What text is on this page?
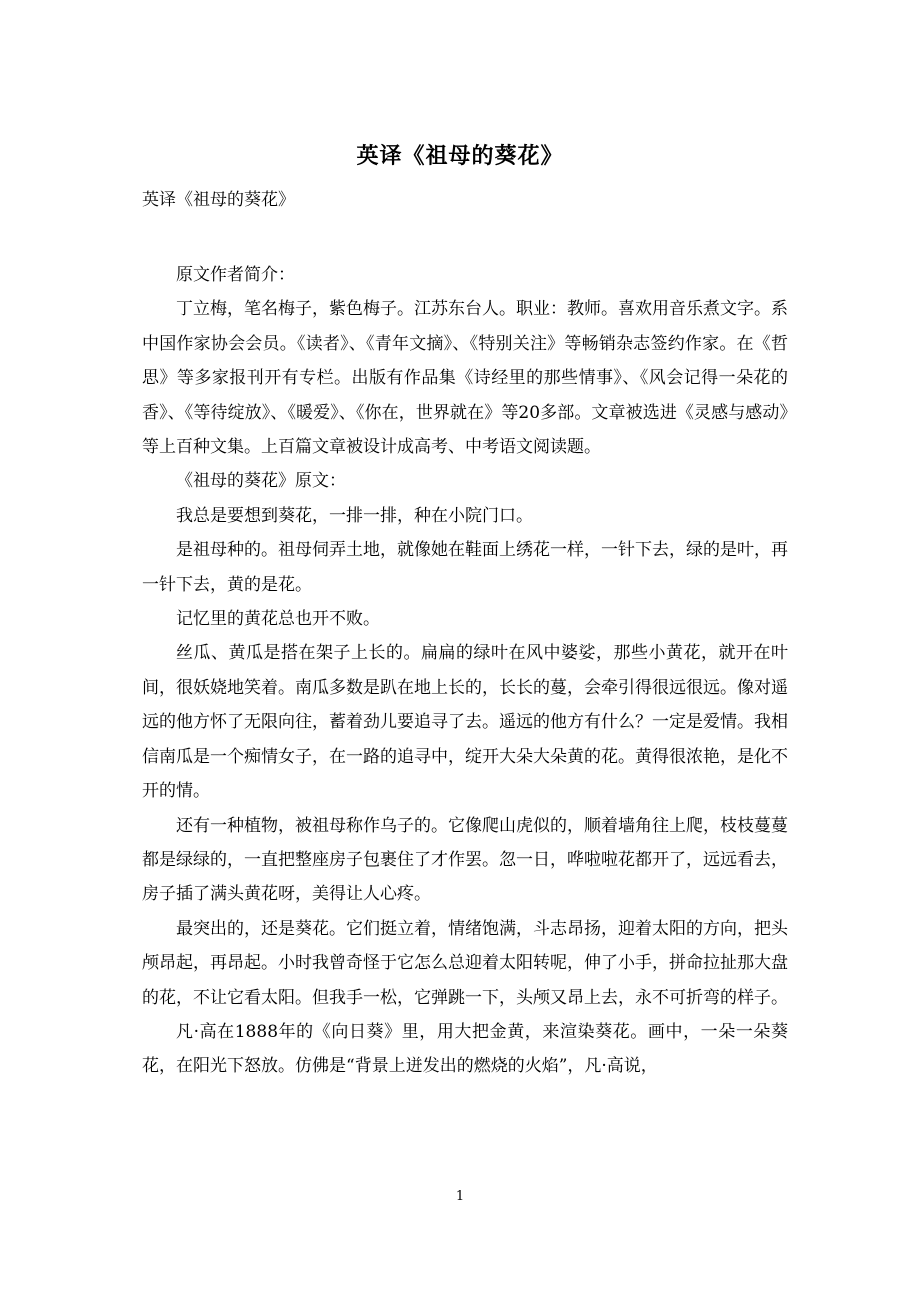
英译《祖母的葵花》
英译《祖母的葵花》

原文作者简介：

丁立梅，笔名梅子，紫色梅子。江苏东台人。职业：教师。喜欢用音乐煮文字。系中国作家协会会员。《读者》、《青年文摘》、《特别关注》等畅销杂志签约作家。在《哲思》等多家报刊开有专栏。出版有作品集《诗经里的那些情事》、《风会记得一朵花的香》、《等待绽放》、《暖爱》、《你在，世界就在》等20多部。文章被选进《灵感与感动》等上百种文集。上百篇文章被设计成高考、中考语文阅读题。

《祖母的葵花》原文：

我总是要想到葵花，一排一排，种在小院门口。

是祖母种的。祖母伺弄土地，就像她在鞋面上绣花一样，一针下去，绿的是叶，再一针下去，黄的是花。

记忆里的黄花总也开不败。

丝瓜、黄瓜是搭在架子上长的。扁扁的绿叶在风中婆娑，那些小黄花，就开在叶间，很妖娆地笑着。南瓜多数是趴在地上长的，长长的蔓，会牵引得很远很远。像对遥远的他方怀了无限向往，蓄着劲儿要追寻了去。遥远的他方有什么？一定是爱情。我相信南瓜是一个痴情女子，在一路的追寻中，绽开大朵大朵黄的花。黄得很浓艳，是化不开的情。

还有一种植物，被祖母称作乌子的。它像爬山虎似的，顺着墙角往上爬，枝枝蔓蔓都是绿绿的，一直把整座房子包裹住了才作罢。忽一日，哗啦啦花都开了，远远看去，房子插了满头黄花呀，美得让人心疼。

最突出的，还是葵花。它们挺立着，情绪饱满，斗志昂扬，迎着太阳的方向，把头颅昂起，再昂起。小时我曾奇怪于它怎么总迎着太阳转呢，伸了小手，拼命拉扯那大盘的花，不让它看太阳。但我手一松，它弹跳一下，头颅又昂上去，永不可折弯的样子。

凡·高在1888年的《向日葵》里，用大把金黄，来渲染葵花。画中，一朵一朵葵花，在阳光下怒放。仿佛是“背景上迸发出的燃烧的火焰”，凡·高说，

1
